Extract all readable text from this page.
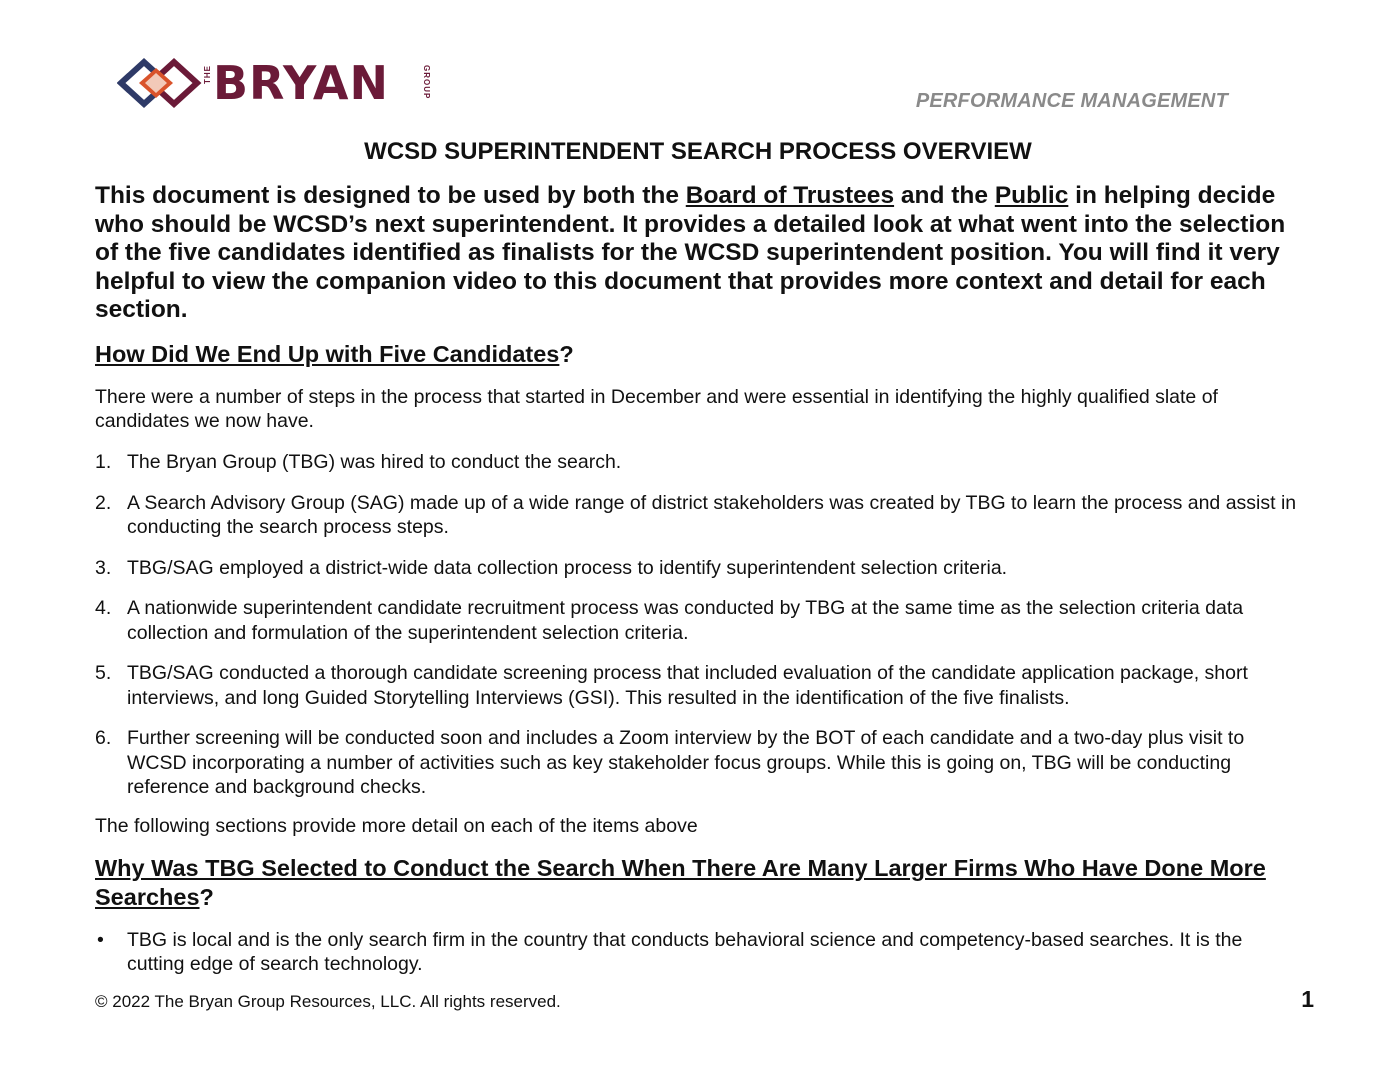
THE BRYAN	GROUP
PERFORMANCE MANAGEMENT
WCSD SUPERINTENDENT SEARCH PROCESS OVERVIEW

This document is designed to be used by both the Board of Trustees and the Public in helping decide who should be WCSD’s next superintendent. It provides a detailed look at what went into the selection of the five candidates identified as finalists for the WCSD superintendent position. You will find it very helpful to view the companion video to this document that provides more context and detail for each section.

How Did We End Up with Five Candidates?

There were a number of steps in the process that started in December and were essential in identifying the highly qualified slate of candidates we now have.

1. The Bryan Group (TBG) was hired to conduct the search.
2. A Search Advisory Group (SAG) made up of a wide range of district stakeholders was created by TBG to learn the process and assist in conducting the search process steps.
3. TBG/SAG employed a district-wide data collection process to identify superintendent selection criteria.
4. A nationwide superintendent candidate recruitment process was conducted by TBG at the same time as the selection criteria data collection and formulation of the superintendent selection criteria.
5. TBG/SAG conducted a thorough candidate screening process that included evaluation of the candidate application package, short interviews, and long Guided Storytelling Interviews (GSI). This resulted in the identification of the five finalists.
6. Further screening will be conducted soon and includes a Zoom interview by the BOT of each candidate and a two-day plus visit to WCSD incorporating a number of activities such as key stakeholder focus groups. While this is going on, TBG will be conducting reference and background checks.

The following sections provide more detail on each of the items above

Why Was TBG Selected to Conduct the Search When There Are Many Larger Firms Who Have Done More Searches?
• TBG is local and is the only search firm in the country that conducts behavioral science and competency-based searches. It is the cutting edge of search technology.
© 2022 The Bryan Group Resources, LLC. All rights reserved.	1
